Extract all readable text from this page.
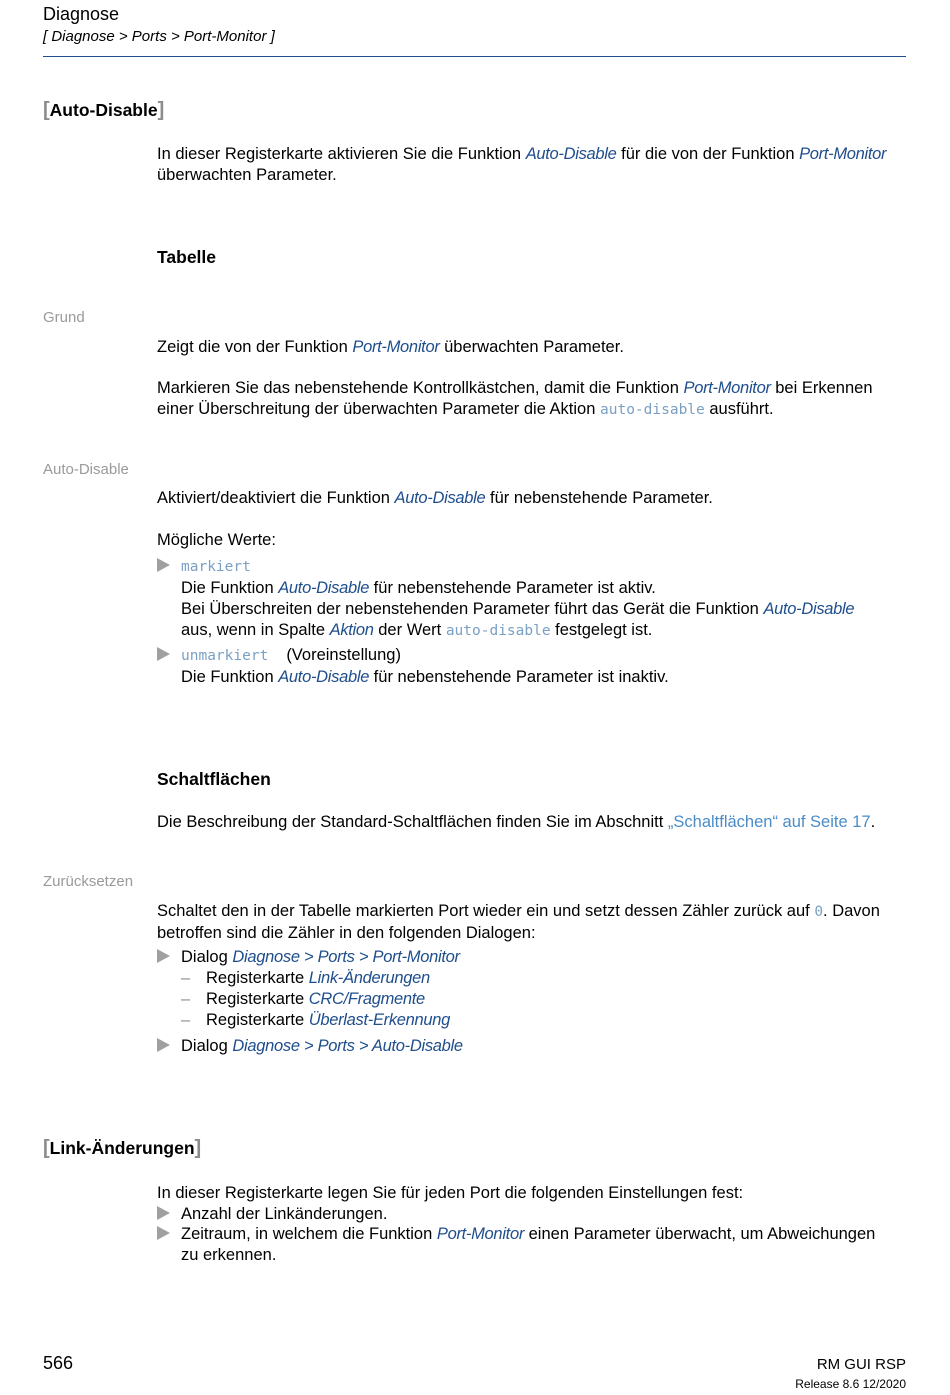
Diagnose
[ Diagnose > Ports > Port-Monitor ]
[Auto-Disable]
In dieser Registerkarte aktivieren Sie die Funktion Auto-Disable für die von der Funktion Port-Monitor
überwachten Parameter.
Tabelle
Grund
Zeigt die von der Funktion Port-Monitor überwachten Parameter.
Markieren Sie das nebenstehende Kontrollkästchen, damit die Funktion Port-Monitor bei Erkennen
einer Überschreitung der überwachten Parameter die Aktion auto-disable ausführt.
Auto-Disable
Aktiviert/deaktiviert die Funktion Auto-Disable für nebenstehende Parameter.
Mögliche Werte:
markiert
Die Funktion Auto-Disable für nebenstehende Parameter ist aktiv.
Bei Überschreiten der nebenstehenden Parameter führt das Gerät die Funktion Auto-Disable
aus, wenn in Spalte Aktion der Wert auto-disable festgelegt ist.
unmarkiert (Voreinstellung)
Die Funktion Auto-Disable für nebenstehende Parameter ist inaktiv.
Schaltflächen
Die Beschreibung der Standard-Schaltflächen finden Sie im Abschnitt „Schaltflächen“ auf Seite 17.
Zurücksetzen
Schaltet den in der Tabelle markierten Port wieder ein und setzt dessen Zähler zurück auf 0. Davon
betroffen sind die Zähler in den folgenden Dialogen:
Dialog Diagnose > Ports > Port-Monitor
– Registerkarte Link-Änderungen
– Registerkarte CRC/Fragmente
– Registerkarte Überlast-Erkennung
Dialog Diagnose > Ports > Auto-Disable
[Link-Änderungen]
In dieser Registerkarte legen Sie für jeden Port die folgenden Einstellungen fest:
Anzahl der Linkänderungen.
Zeitraum, in welchem die Funktion Port-Monitor einen Parameter überwacht, um Abweichungen
zu erkennen.
566	RM GUI RSP
Release 8.6 12/2020
